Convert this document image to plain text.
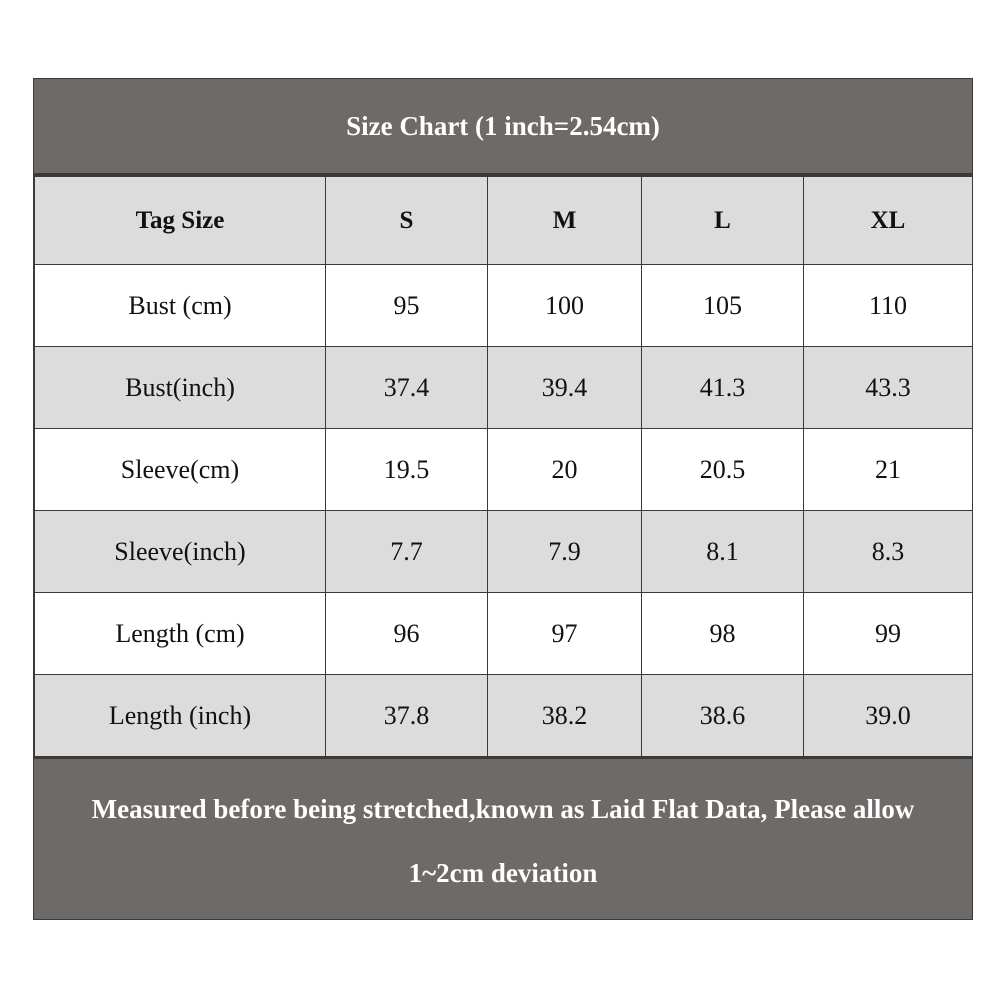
Size Chart (1 inch=2.54cm)
Tag Size	S	M	L	XL
Bust (cm)	95	100	105	110
Bust(inch)	37.4	39.4	41.3	43.3
Sleeve(cm)	19.5	20	20.5	21
Sleeve(inch)	7.7	7.9	8.1	8.3
Length (cm)	96	97	98	99
Length (inch)	37.8	38.2	38.6	39.0
Measured before being stretched,known as Laid Flat Data, Please allow
1~2cm deviation
